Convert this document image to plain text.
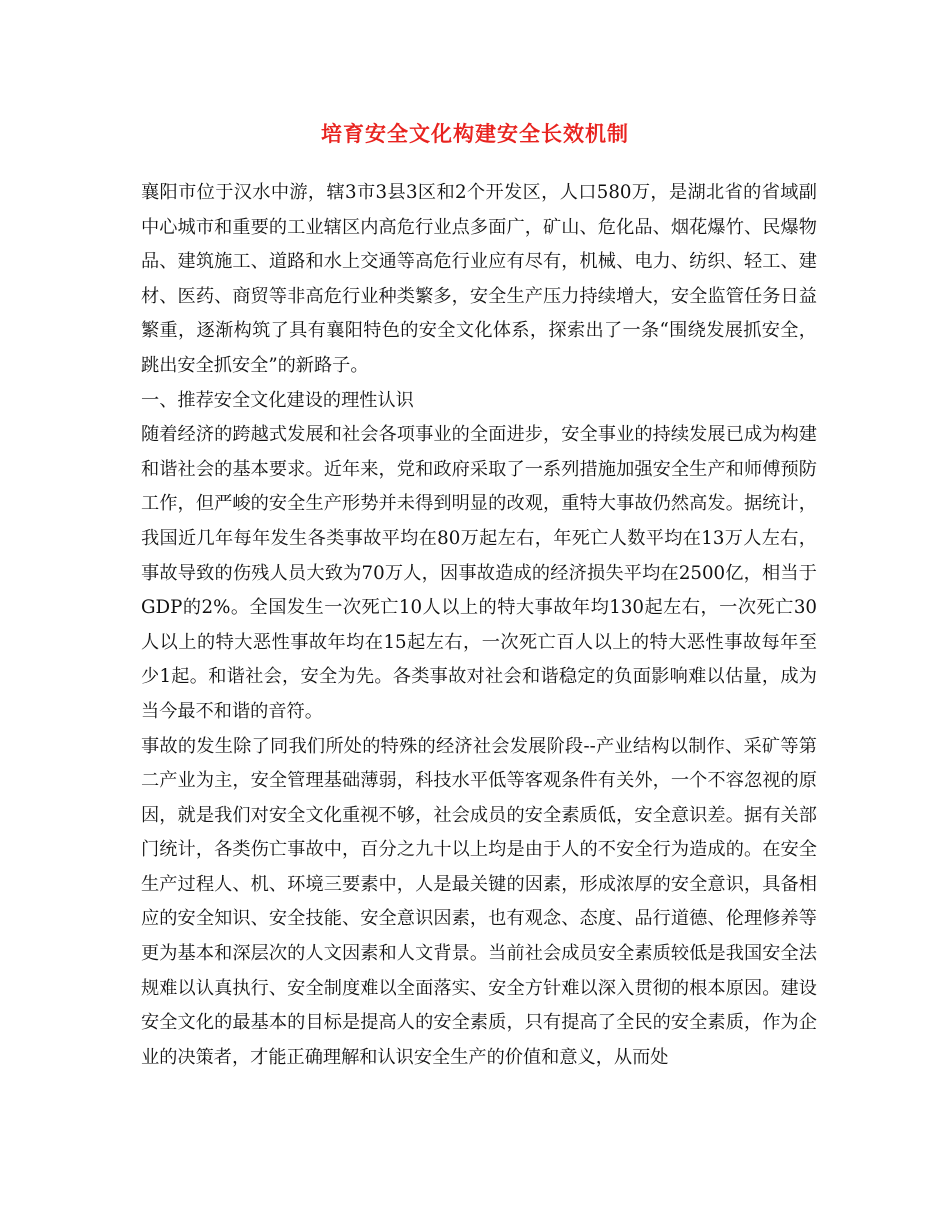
培育安全文化构建安全长效机制

襄阳市位于汉水中游，辖3市3县3区和2个开发区，人口580万，是湖北省的省域副中心城市和重要的工业辖区内高危行业点多面广，矿山、危化品、烟花爆竹、民爆物品、建筑施工、道路和水上交通等高危行业应有尽有，机械、电力、纺织、轻工、建材、医药、商贸等非高危行业种类繁多，安全生产压力持续增大，安全监管任务日益繁重，逐渐构筑了具有襄阳特色的安全文化体系，探索出了一条“围绕发展抓安全，跳出安全抓安全”的新路子。

一、推荐安全文化建设的理性认识

随着经济的跨越式发展和社会各项事业的全面进步，安全事业的持续发展已成为构建和谐社会的基本要求。近年来，党和政府采取了一系列措施加强安全生产和师傅预防工作，但严峻的安全生产形势并未得到明显的改观，重特大事故仍然高发。据统计，我国近几年每年发生各类事故平均在80万起左右，年死亡人数平均在13万人左右，事故导致的伤残人员大致为70万人，因事故造成的经济损失平均在2500亿，相当于GDP的2%。全国发生一次死亡10人以上的特大事故年均130起左右，一次死亡30人以上的特大恶性事故年均在15起左右，一次死亡百人以上的特大恶性事故每年至少1起。和谐社会，安全为先。各类事故对社会和谐稳定的负面影响难以估量，成为当今最不和谐的音符。

事故的发生除了同我们所处的特殊的经济社会发展阶段--产业结构以制作、采矿等第二产业为主，安全管理基础薄弱，科技水平低等客观条件有关外，一个不容忽视的原因，就是我们对安全文化重视不够，社会成员的安全素质低，安全意识差。据有关部门统计，各类伤亡事故中，百分之九十以上均是由于人的不安全行为造成的。在安全生产过程人、机、环境三要素中，人是最关键的因素，形成浓厚的安全意识，具备相应的安全知识、安全技能、安全意识因素，也有观念、态度、品行道德、伦理修养等更为基本和深层次的人文因素和人文背景。当前社会成员安全素质较低是我国安全法规难以认真执行、安全制度难以全面落实、安全方针难以深入贯彻的根本原因。建设安全文化的最基本的目标是提高人的安全素质，只有提高了全民的安全素质，作为企业的决策者，才能正确理解和认识安全生产的价值和意义，从而处
